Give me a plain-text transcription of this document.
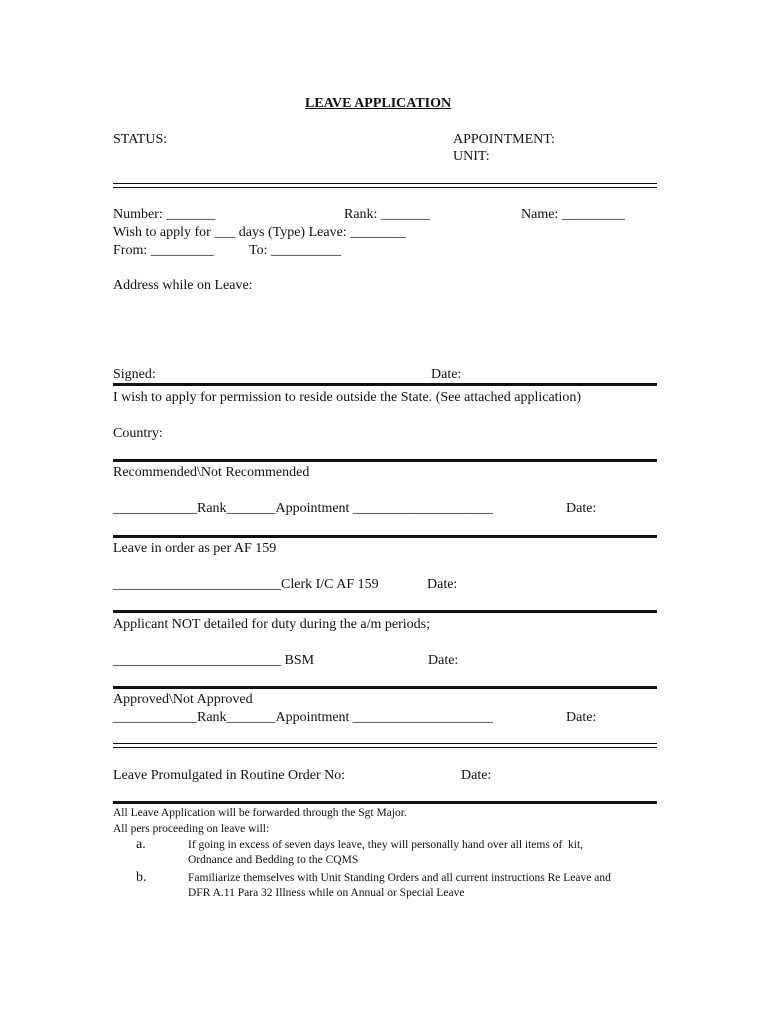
LEAVE APPLICATION
STATUS:	APPOINTMENT:
UNIT:
Number: _______	Rank: _______	Name: _________
Wish to apply for ___ days (Type) Leave: ________
From: _________	To: __________
Address while on Leave:
Signed:	Date:
I wish to apply for permission to reside outside the State. (See attached application)
Country:
Recommended\Not Recommended
____________Rank_______Appointment ____________________	Date:
Leave in order as per AF 159
________________________Clerk I/C AF 159	Date:
Applicant NOT detailed for duty during the a/m periods;
________________________ BSM	Date:
Approved\Not Approved
____________Rank_______Appointment ____________________	Date:
Leave Promulgated in Routine Order No:	Date:
All Leave Application will be forwarded through the Sgt Major.
All pers proceeding on leave will:
a.	If going in excess of seven days leave, they will personally hand over all items of  kit,
Ordnance and Bedding to the CQMS
b.	Familiarize themselves with Unit Standing Orders and all current instructions Re Leave and
DFR A.11 Para 32 Illness while on Annual or Special Leave
